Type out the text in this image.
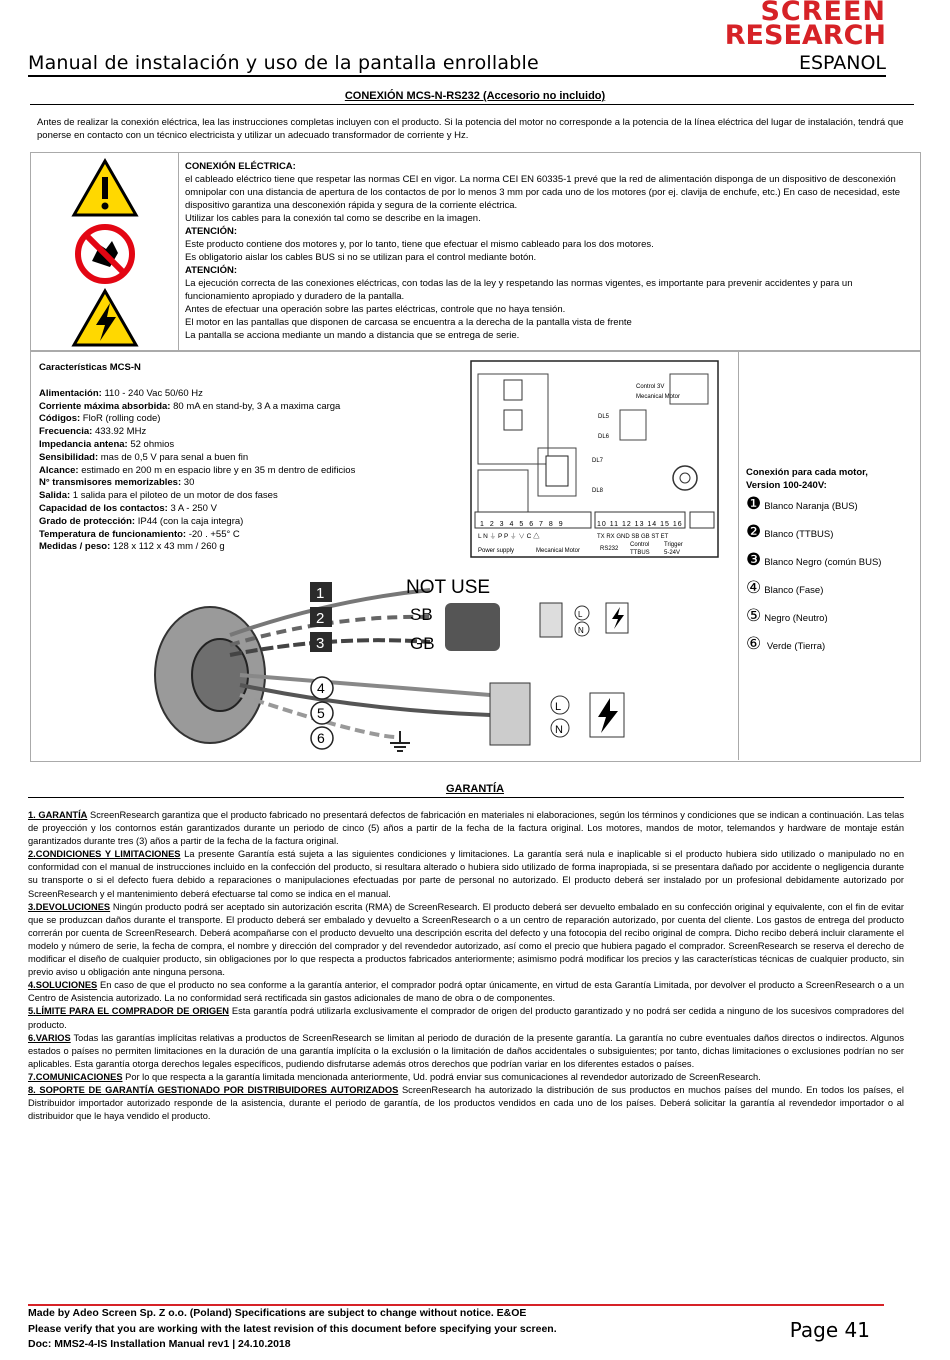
SCREEN
RESEARCH
Manual de instalación y uso de la pantalla enrollable	ESPANOL
CONEXIÓN MCS-N-RS232 (Accesorio no incluido)
Antes de realizar la conexión eléctrica, lea las instrucciones completas incluyen con el producto. Si la potencia del motor no corresponde a la potencia de la línea eléctrica del lugar de instalación, tendrá que ponerse en contacto con un técnico electricista y utilizar un adecuado transformador de corriente y Hz.
CONEXIÓN ELÉCTRICA:
el cableado eléctrico tiene que respetar las normas CEI en vigor. La norma CEI EN 60335-1 prevé que la red de alimentación disponga de un dispositivo de desconexión omnipolar con una distancia de apertura de los contactos de por lo menos 3 mm por cada uno de los motores (por ej. clavija de enchufe, etc.) En caso de necesidad, este dispositivo garantiza una desconexión rápida y segura de la corriente eléctrica.
Utilizar los cables para la conexión tal como se describe en la imagen.
ATENCIÓN:
Este producto contiene dos motores y, por lo tanto, tiene que efectuar el mismo cableado para los dos motores.
Es obligatorio aislar los cables BUS si no se utilizan para el control mediante botón.
ATENCIÓN:
La ejecución correcta de las conexiones eléctricas, con todas las de la ley y respetando las normas vigentes, es importante para prevenir accidentes y para un funcionamiento apropiado y duradero de la pantalla.
Antes de efectuar una operación sobre las partes eléctricas, controle que no haya tensión.
El motor en las pantallas que disponen de carcasa se encuentra a la derecha de la pantalla vista de frente
La pantalla se acciona mediante un mando a distancia que se entrega de serie.

Características MCS-N

Alimentación: 110 - 240 Vac 50/60 Hz

Corriente máxima absorbida: 80 mA en stand-by, 3 A a maxima carga

Códigos: FloR (rolling code)

Frecuencia: 433.92 MHz

Impedancia antena: 52 ohmios

Sensibilidad: mas de 0,5 V para senal a buen fin

Alcance: estimado en 200 m en espacio libre y en 35 m dentro de edificios

N° transmisores memorizables: 30

Salida: 1 salida para el piloteo de un motor de dos fases

Capacidad de los contactos: 3 A - 250 V

Grado de protección: IP44 (con la caja integra)

Temperatura de funcionamiento: -20 . +55° C

Medidas / peso: 128 x 112 x 43 mm / 260 g

Control 3V
Mecanical Motor
DL5
DL6
DL7
DL8
1 2 3 4 5 6 7 8 9	10 11 12 13 14 15 16
L N ⏚ P P ⏚ ∨ C △	TX RX GND SB GB ST ET
Power supply	Mecanical Motor	RS232
Control
TTBUS
Trigger
5-24V
1
2
3
4
5
6
NOT USE
SB
GB
L
N
L
N

Conexión para cada motor,
Version 100-240V:

❶ Blanco Naranja (BUS)

❷ Blanco (TTBUS)

❸ Blanco Negro (común BUS)

④ Blanco (Fase)

⑤ Negro (Neutro)

⑥ Verde (Tierra)

GARANTÍA

1. GARANTÍA ScreenResearch garantiza que el producto fabricado no presentará defectos de fabricación en materiales ni elaboraciones, según los términos y condiciones que se indican a continuación. Las telas de proyección y los contornos están garantizados durante un periodo de cinco (5) años a partir de la fecha de la factura original. Los motores, mandos de motor, telemandos y hardware de montaje están garantizados durante tres (3) años a partir de la fecha de la factura original.

2.CONDICIONES Y LIMITACIONES La presente Garantía está sujeta a las siguientes condiciones y limitaciones. La garantía será nula e inaplicable si el producto hubiera sido utilizado o manipulado no en conformidad con el manual de instrucciones incluido en la confección del producto, si resultara alterado o hubiera sido utilizado de forma inapropiada, si se presentara dañado por accidente o negligencia durante su transporte o si el defecto fuera debido a reparaciones o manipulaciones efectuadas por parte de personal no autorizado. El producto deberá ser instalado por un profesional debidamente autorizado por ScreenResearch y el mantenimiento deberá efectuarse tal como se indica en el manual.

3.DEVOLUCIONES Ningún producto podrá ser aceptado sin autorización escrita (RMA) de ScreenResearch. El producto deberá ser devuelto embalado en su confección original y equivalente, con el fin de evitar que se produzcan daños durante el transporte. El producto deberá ser embalado y devuelto a ScreenResearch o a un centro de reparación autorizado, por cuenta del cliente. Los gastos de entrega del producto correrán por cuenta de ScreenResearch. Deberá acompañarse con el producto devuelto una descripción escrita del defecto y una fotocopia del recibo original de compra. Dicho recibo deberá incluir claramente el modelo y número de serie, la fecha de compra, el nombre y dirección del comprador y del revendedor autorizado, así como el precio que hubiera pagado el comprador. ScreenResearch se reserva el derecho de modificar el diseño de cualquier producto, sin obligaciones por lo que respecta a productos fabricados anteriormente; asimismo podrá modificar los precios y las características técnicas de cualquier producto, sin previo aviso u obligación ante ninguna persona.

4.SOLUCIONES En caso de que el producto no sea conforme a la garantía anterior, el comprador podrá optar únicamente, en virtud de esta Garantía Limitada, por devolver el producto a ScreenResearch o a un Centro de Asistencia autorizado. La no conformidad será rectificada sin gastos adicionales de mano de obra o de componentes.

5.LÍMITE PARA EL COMPRADOR DE ORIGEN Esta garantía podrá utilizarla exclusivamente el comprador de origen del producto garantizado y no podrá ser cedida a ninguno de los sucesivos compradores del producto.

6.VARIOS Todas las garantías implícitas relativas a productos de ScreenResearch se limitan al periodo de duración de la presente garantía. La garantía no cubre eventuales daños directos o indirectos. Algunos estados o países no permiten limitaciones en la duración de una garantía implícita o la exclusión o la limitación de daños accidentales o subsiguientes; por tanto, dichas limitaciones o exclusiones podrían no ser aplicables. Esta garantía otorga derechos legales específicos, pudiendo disfrutarse además otros derechos que podrían variar en los diferentes estados o países.

7.COMUNICACIONES Por lo que respecta a la garantía limitada mencionada anteriormente, Ud. podrá enviar sus comunicaciones al revendedor autorizado de ScreenResearch.

8. SOPORTE DE GARANTÍA GESTIONADO POR DISTRIBUIDORES AUTORIZADOS ScreenResearch ha autorizado la distribución de sus productos en muchos países del mundo. En todos los países, el Distribuidor importador autorizado responde de la asistencia, durante el periodo de garantía, de los productos vendidos en cada uno de los países. Deberá solicitar la garantía al revendedor importador o al distribuidor que le haya vendido el producto.

Made by Adeo Screen Sp. Z o.o. (Poland) Specifications are subject to change without notice. E&OE
Please verify that you are working with the latest revision of this document before specifying your screen.
Doc: MMS2-4-IS Installation Manual rev1 | 24.10.2018
Page 41
